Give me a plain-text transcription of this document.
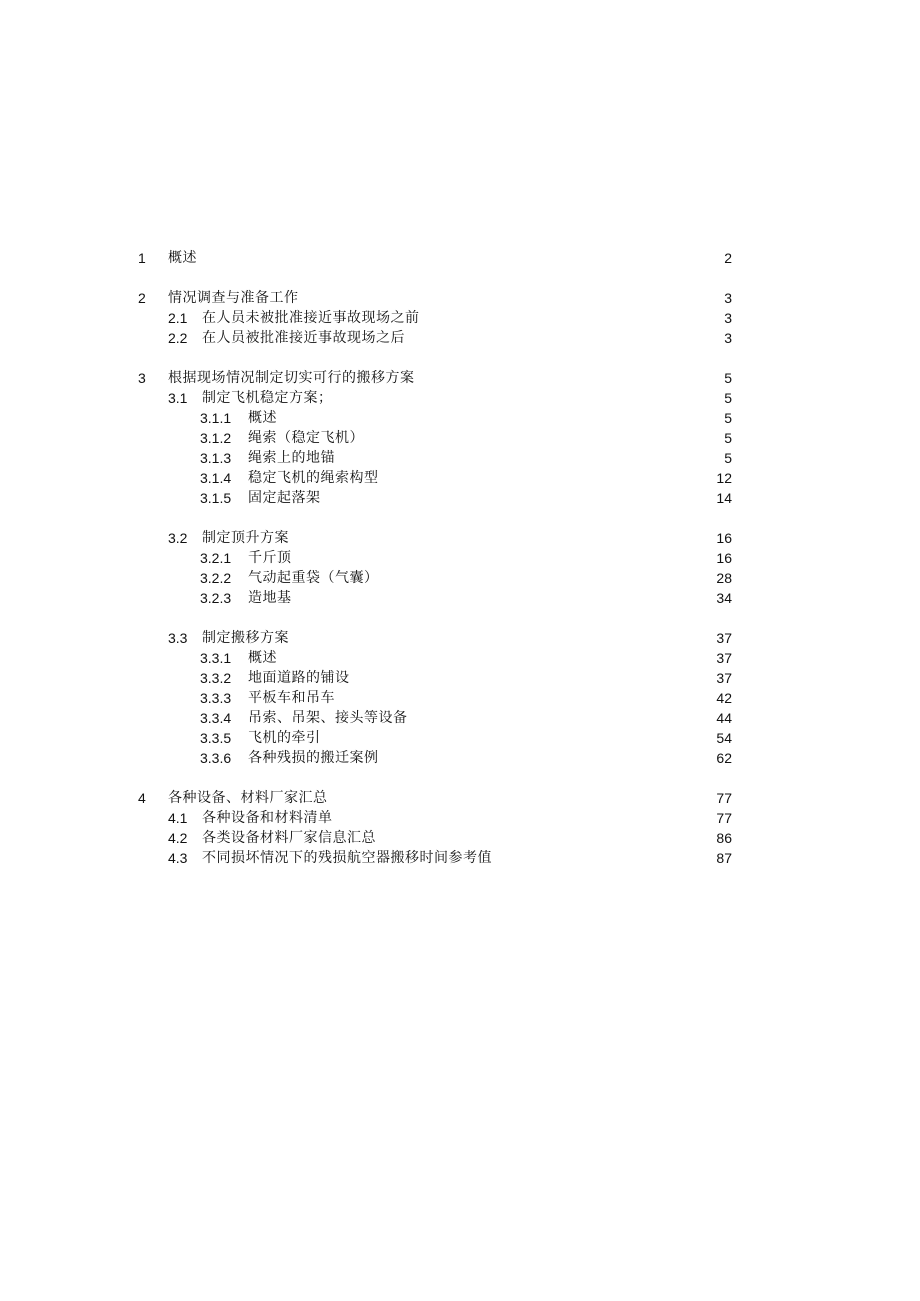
1 概述	2
2 情况调查与准备工作	3
2.1 在人员未被批准接近事故现场之前	3
2.2 在人员被批准接近事故现场之后	3
3 根据现场情况制定切实可行的搬移方案	5
3.1 制定飞机稳定方案；	5
3.1.1 概述	5
3.1.2 绳索（稳定飞机）	5
3.1.3 绳索上的地锚	5
3.1.4 稳定飞机的绳索构型	12
3.1.5 固定起落架	14
3.2 制定顶升方案	16
3.2.1 千斤顶	16
3.2.2 气动起重袋（气囊）	28
3.2.3 造地基	34
3.3 制定搬移方案	37
3.3.1 概述	37
3.3.2 地面道路的铺设	37
3.3.3 平板车和吊车	42
3.3.4 吊索、吊架、接头等设备	44
3.3.5 飞机的牵引	54
3.3.6 各种残损的搬迁案例	62
4 各种设备、材料厂家汇总	77
4.1 各种设备和材料清单	77
4.2 各类设备材料厂家信息汇总	86
4.3 不同损坏情况下的残损航空器搬移时间参考值	87
